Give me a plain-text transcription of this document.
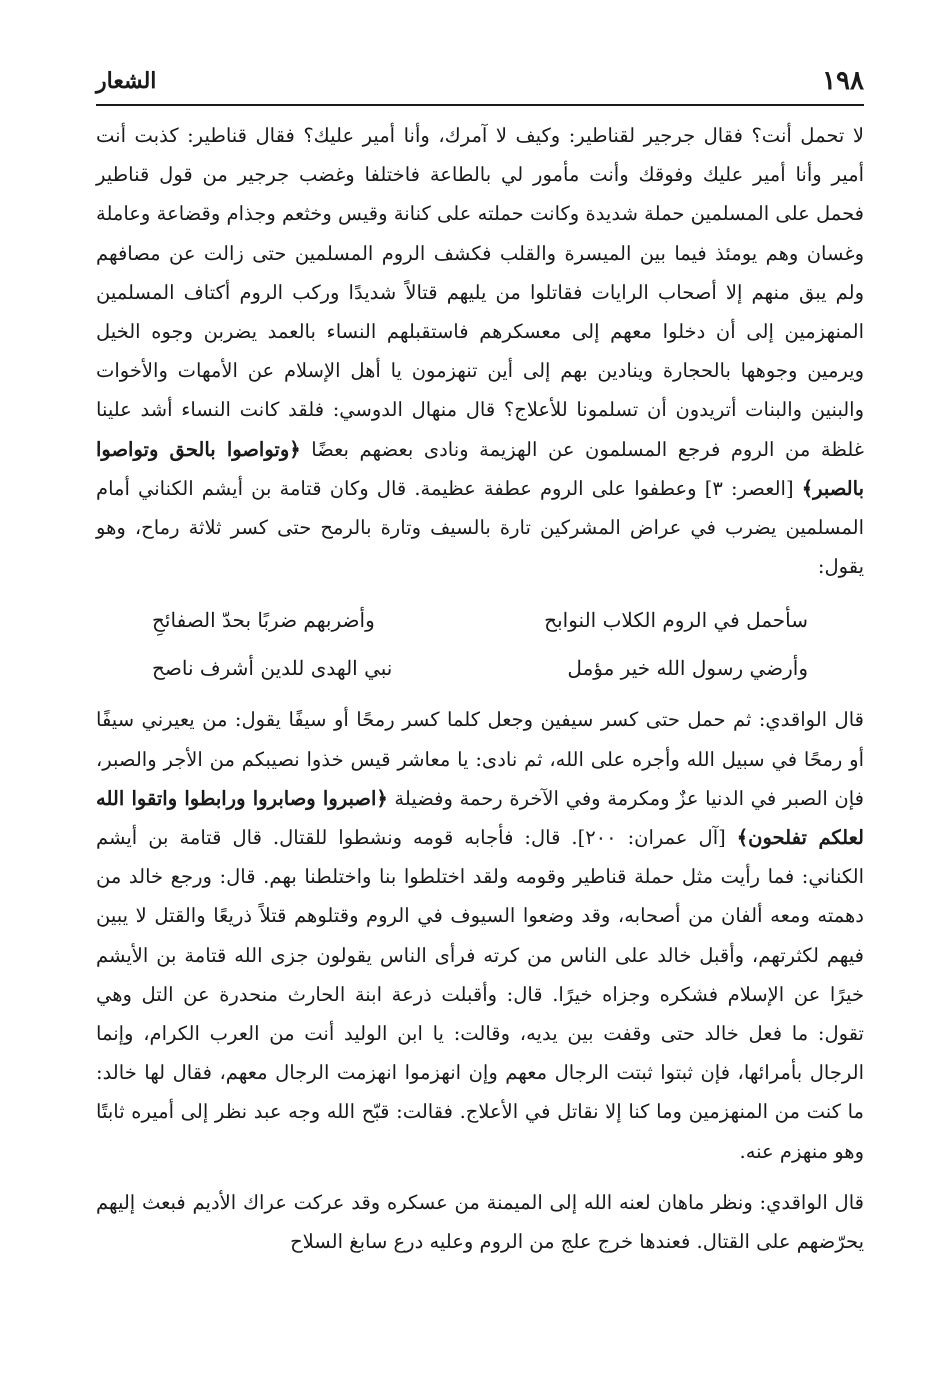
١٩٨
الشعار

لا تحمل أنت؟ فقال جرجير لقناطير: وكيف لا آمرك، وأنا أمير عليك؟ فقال قناطير: كذبت أنت أمير وأنا أمير عليك وفوقك وأنت مأمور لي بالطاعة فاختلفا وغضب جرجير من قول قناطير فحمل على المسلمين حملة شديدة وكانت حملته على كنانة وقيس وخثعم وجذام وقضاعة وعاملة وغسان وهم يومئذ فيما بين الميسرة والقلب فكشف الروم المسلمين حتى زالت عن مصافهم ولم يبق منهم إلا أصحاب الرايات فقاتلوا من يليهم قتالاً شديدًا وركب الروم أكتاف المسلمين المنهزمين إلى أن دخلوا معهم إلى معسكرهم فاستقبلهم النساء بالعمد يضربن وجوه الخيل ويرمين وجوهها بالحجارة وينادين بهم إلى أين تنهزمون يا أهل الإسلام عن الأمهات والأخوات والبنين والبنات أتريدون أن تسلمونا للأعلاج؟ قال منهال الدوسي: فلقد كانت النساء أشد علينا غلظة من الروم فرجع المسلمون عن الهزيمة ونادى بعضهم بعضًا ﴿وتواصوا بالحق وتواصوا بالصبر﴾ [العصر: ٣] وعطفوا على الروم عطفة عظيمة. قال وكان قتامة بن أيشم الكناني أمام المسلمين يضرب في عراض المشركين تارة بالسيف وتارة بالرمح حتى كسر ثلاثة رماح، وهو يقول:

سأحمل في الروم الكلاب النوابح
وأضربهم ضربًا بحدّ الصفائحِ
وأرضي رسول الله خير مؤمل
نبي الهدى للدين أشرف ناصح

قال الواقدي: ثم حمل حتى كسر سيفين وجعل كلما كسر رمحًا أو سيفًا يقول: من يعيرني سيفًا أو رمحًا في سبيل الله وأجره على الله، ثم نادى: يا معاشر قيس خذوا نصيبكم من الأجر والصبر، فإن الصبر في الدنيا عزٌ ومكرمة وفي الآخرة رحمة وفضيلة ﴿اصبروا وصابروا ورابطوا واتقوا الله لعلكم تفلحون﴾ [آل عمران: ٢٠٠]. قال: فأجابه قومه ونشطوا للقتال. قال قتامة بن أيشم الكناني: فما رأيت مثل حملة قناطير وقومه ولقد اختلطوا بنا واختلطنا بهم. قال: ورجع خالد من دهمته ومعه ألفان من أصحابه، وقد وضعوا السيوف في الروم وقتلوهم قتلاً ذريعًا والقتل لا يبين فيهم لكثرتهم، وأقبل خالد على الناس من كرته فرأى الناس يقولون جزى الله قتامة بن الأيشم خيرًا عن الإسلام فشكره وجزاه خيرًا. قال: وأقبلت ذرعة ابنة الحارث منحدرة عن التل وهي تقول: ما فعل خالد حتى وقفت بين يديه، وقالت: يا ابن الوليد أنت من العرب الكرام، وإنما الرجال بأمرائها، فإن ثبتوا ثبتت الرجال معهم وإن انهزموا انهزمت الرجال معهم، فقال لها خالد: ما كنت من المنهزمين وما كنا إلا نقاتل في الأعلاج. فقالت: قبّح الله وجه عبد نظر إلى أميره ثابتًا وهو منهزم عنه.

قال الواقدي: ونظر ماهان لعنه الله إلى الميمنة من عسكره وقد عركت عراك الأديم فبعث إليهم يحرّضهم على القتال. فعندها خرج علج من الروم وعليه درع سابغ السلاح
